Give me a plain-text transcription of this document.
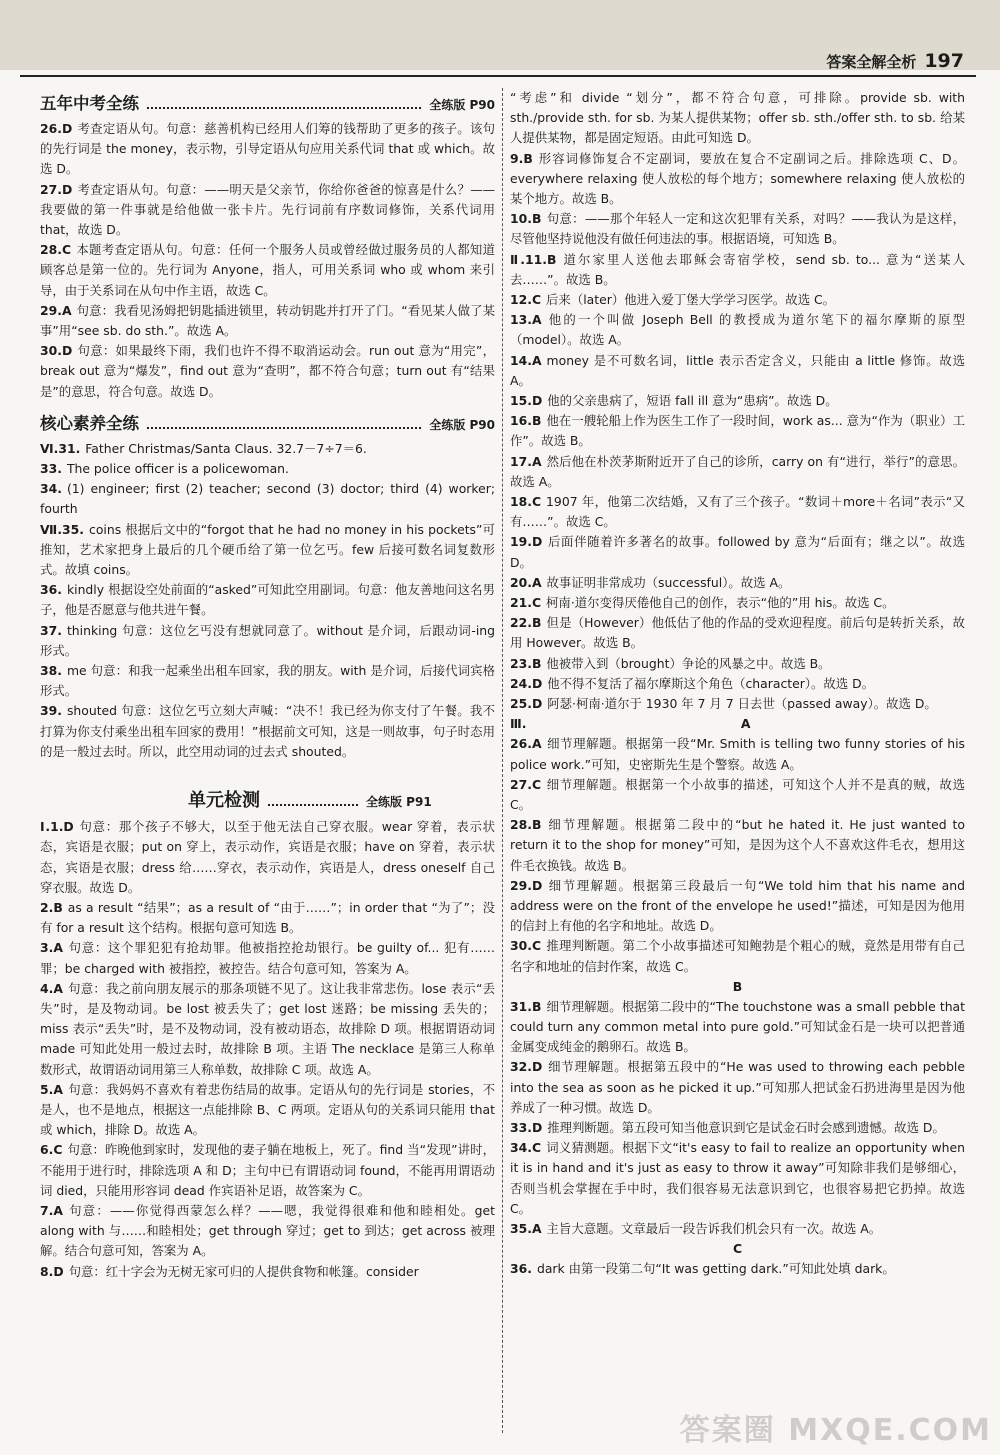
答案全解全析 197
五年中考全练	全练版 P90

26.D 考查定语从句。句意：慈善机构已经用人们筹的钱帮助了更多的孩子。该句的先行词是 the money，表示物，引导定语从句应用关系代词 that 或 which。故选 D。

27.D 考查定语从句。句意：——明天是父亲节，你给你爸爸的惊喜是什么？——我要做的第一件事就是给他做一张卡片。先行词前有序数词修饰，关系代词用 that，故选 D。

28.C 本题考查定语从句。句意：任何一个服务人员或曾经做过服务员的人都知道顾客总是第一位的。先行词为 Anyone，指人，可用关系词 who 或 whom 来引导，由于关系词在从句中作主语，故选 C。

29.A 句意：我看见汤姆把钥匙插进锁里，转动钥匙并打开了门。“看见某人做了某事”用“see sb. do sth.”。故选 A。

30.D 句意：如果最终下雨，我们也许不得不取消运动会。run out 意为“用完”，break out 意为“爆发”，find out 意为“查明”，都不符合句意；turn out 有“结果是”的意思，符合句意。故选 D。

核心素养全练	全练版 P90

Ⅵ.31. Father Christmas/Santa Claus. 32.7－7÷7＝6.

33. The police officer is a policewoman.

34. (1) engineer; first (2) teacher; second (3) doctor; third (4) worker; fourth

Ⅶ.35. coins 根据后文中的“forgot that he had no money in his pockets”可推知，艺术家把身上最后的几个硬币给了第一位乞丐。few 后接可数名词复数形式。故填 coins。

36. kindly 根据设空处前面的“asked”可知此空用副词。句意：他友善地问这名男子，他是否愿意与他共进午餐。

37. thinking 句意：这位乞丐没有想就同意了。without 是介词，后跟动词-ing 形式。

38. me 句意：和我一起乘坐出租车回家，我的朋友。with 是介词，后接代词宾格形式。

39. shouted 句意：这位乞丐立刻大声喊：“决不！我已经为你支付了午餐。我不打算为你支付乘坐出租车回家的费用！”根据前文可知，这是一则故事，句子时态用的是一般过去时。所以，此空用动词的过去式 shouted。

单元检测	全练版 P91

Ⅰ.1.D 句意：那个孩子不够大，以至于他无法自己穿衣服。wear 穿着，表示状态，宾语是衣服；put on 穿上，表示动作，宾语是衣服；have on 穿着，表示状态，宾语是衣服；dress 给……穿衣，表示动作，宾语是人，dress oneself 自己穿衣服。故选 D。

2.B as a result “结果”；as a result of “由于……”；in order that “为了”；没有 for a result 这个结构。根据句意可知选 B。

3.A 句意：这个罪犯犯有抢劫罪。他被指控抢劫银行。be guilty of... 犯有……罪；be charged with 被指控，被控告。结合句意可知，答案为 A。

4.A 句意：我之前向朋友展示的那条项链不见了。这让我非常悲伤。lose 表示“丢失”时，是及物动词。be lost 被丢失了；get lost 迷路；be missing 丢失的；miss 表示“丢失”时，是不及物动词，没有被动语态，故排除 D 项。根据谓语动词 made 可知此处用一般过去时，故排除 B 项。主语 The necklace 是第三人称单数形式，故谓语动词用第三人称单数，故排除 C 项。故选 A。

5.A 句意：我妈妈不喜欢有着悲伤结局的故事。定语从句的先行词是 stories，不是人，也不是地点，根据这一点能排除 B、C 两项。定语从句的关系词只能用 that 或 which，排除 D。故选 A。

6.C 句意：昨晚他到家时，发现他的妻子躺在地板上，死了。find 当“发现”讲时，不能用于进行时，排除选项 A 和 D；主句中已有谓语动词 found，不能再用谓语动词 died，只能用形容词 dead 作宾语补足语，故答案为 C。

7.A 句意：——你觉得西蒙怎么样？——嗯，我觉得很难和他和睦相处。get along with 与……和睦相处；get through 穿过；get to 到达；get across 被理解。结合句意可知，答案为 A。

8.D 句意：红十字会为无树无家可归的人提供食物和帐篷。consider

“考虑”和 divide “划分”，都不符合句意，可排除。provide sb. with sth./provide sth. for sb. 为某人提供某物；offer sb. sth./offer sth. to sb. 给某人提供某物，都是固定短语。由此可知选 D。

9.B 形容词修饰复合不定副词，要放在复合不定副词之后。排除选项 C、D。everywhere relaxing 使人放松的每个地方；somewhere relaxing 使人放松的某个地方。故选 B。

10.B 句意：——那个年轻人一定和这次犯罪有关系，对吗？——我认为是这样，尽管他坚持说他没有做任何违法的事。根据语境，可知选 B。

Ⅱ.11.B 道尔家里人送他去耶稣会寄宿学校，send sb. to... 意为“送某人去……”。故选 B。

12.C 后来（later）他进入爱丁堡大学学习医学。故选 C。

13.A 他的一个叫做 Joseph Bell 的教授成为道尔笔下的福尔摩斯的原型（model）。故选 A。

14.A money 是不可数名词，little 表示否定含义，只能由 a little 修饰。故选 A。

15.D 他的父亲患病了，短语 fall ill 意为“患病”。故选 D。

16.B 他在一艘轮船上作为医生工作了一段时间，work as... 意为“作为（职业）工作”。故选 B。

17.A 然后他在朴茨茅斯附近开了自己的诊所，carry on 有“进行，举行”的意思。故选 A。

18.C 1907 年，他第二次结婚，又有了三个孩子。“数词＋more＋名词”表示“又有……”。故选 C。

19.D 后面伴随着许多著名的故事。followed by 意为“后面有；继之以”。故选 D。

20.A 故事证明非常成功（successful）。故选 A。

21.C 柯南·道尔变得厌倦他自己的创作，表示“他的”用 his。故选 C。

22.B 但是（However）他低估了他的作品的受欢迎程度。前后句是转折关系，故用 However。故选 B。

23.B 他被带入到（brought）争论的风暴之中。故选 B。

24.D 他不得不复活了福尔摩斯这个角色（character）。故选 D。

25.D 阿瑟·柯南·道尔于 1930 年 7 月 7 日去世（passed away）。故选 D。

Ⅲ.	A

26.A 细节理解题。根据第一段“Mr. Smith is telling two funny stories of his police work.”可知，史密斯先生是个警察。故选 A。

27.C 细节理解题。根据第一个小故事的描述，可知这个人并不是真的贼，故选 C。

28.B 细节理解题。根据第二段中的“but he hated it. He just wanted to return it to the shop for money”可知，是因为这个人不喜欢这件毛衣，想用这件毛衣换钱。故选 B。

29.D 细节理解题。根据第三段最后一句“We told him that his name and address were on the front of the envelope he used!”描述，可知是因为他用的信封上有他的名字和地址。故选 D。

30.C 推理判断题。第二个小故事描述可知鲍勃是个粗心的贼，竟然是用带有自己名字和地址的信封作案，故选 C。

B

31.B 细节理解题。根据第二段中的“The touchstone was a small pebble that could turn any common metal into pure gold.”可知试金石是一块可以把普通金属变成纯金的鹅卵石。故选 B。

32.D 细节理解题。根据第五段中的“He was used to throwing each pebble into the sea as soon as he picked it up.”可知那人把试金石扔进海里是因为他养成了一种习惯。故选 D。

33.D 推理判断题。第五段可知当他意识到它是试金石时会感到遗憾。故选 D。

34.C 词义猜测题。根据下文“it's easy to fail to realize an opportunity when it is in hand and it's just as easy to throw it away”可知除非我们是够细心，否则当机会掌握在手中时，我们很容易无法意识到它，也很容易把它扔掉。故选 C。

35.A 主旨大意题。文章最后一段告诉我们机会只有一次。故选 A。

C

36. dark 由第一段第二句“It was getting dark.”可知此处填 dark。

答案圈 MXQE.COM
